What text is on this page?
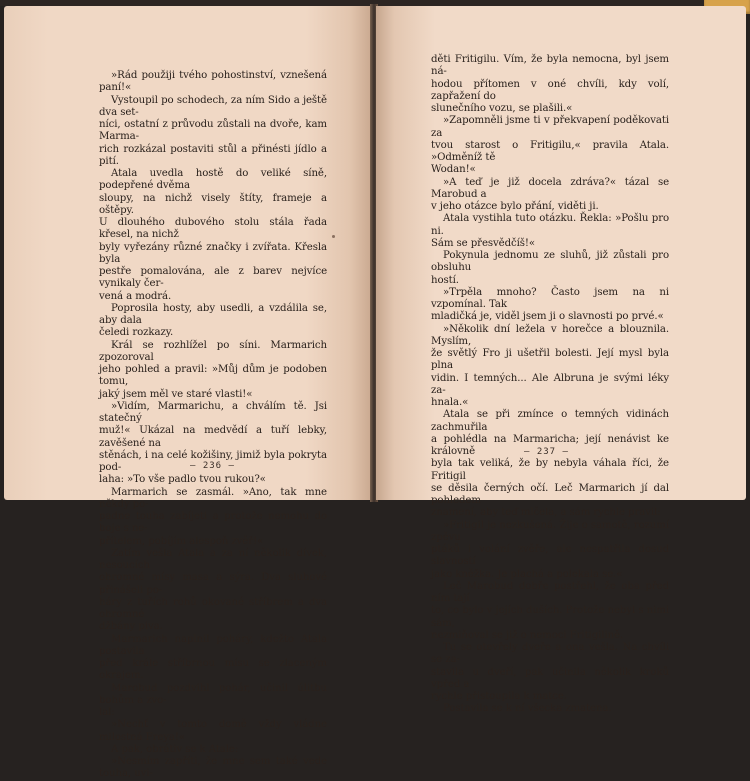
»Rád použiji tvého pohostinství, vznešená paní!«

Vystoupil po schodech, za ním Sido a ještě dva set-

níci, ostatní z průvodu zůstali na dvoře, kam Marma-

rich rozkázal postaviti stůl a přinésti jídlo a pití.

Atala uvedla hostě do veliké síně, podepřené dvěma

sloupy, na nichž visely štíty, frameje a oštěpy.

U dlouhého dubového stolu stála řada křesel, na nichž

byly vyřezány různé značky i zvířata. Křesla byla

pestře pomalována, ale z barev nejvíce vynikaly čer-

vená a modrá.

Poprosila hosty, aby usedli, a vzdálila se, aby dala

čeledi rozkazy.

Král se rozhlížel po síni. Marmarich zpozoroval

jeho pohled a pravil: »Můj dům je podoben tomu,

jaký jsem měl ve staré vlasti!«

»Vidím, Marmarichu, a chválím tě. Jsi statečný

muž!« Ukázal na medvědí a tuří lebky, zavěšené na

stěnách, i na celé kožišiny, jimiž byla pokryta pod-

laha: »To vše padlo tvou rukou?«

Marmarich se zasmál. »Ano, tak mne někdy po-

padne touha zabíjeti a protože nemohu do boje s ne-

přítelem, pobíjím alespoň zvěř!«

Zatím vešla Atala a za ní několik dívek, nesoucích

ohromné mísy masa a sýra. Dva sluhové přinášeli po-

háry z tuřích rohů okované stříbrem a dva ohromné

džbány piva.

Marmarich naplnil poháry, kdežto Atala postavila

před krále stříbrnou mísu se zlaceným okrajem.

Marobud pozdvihl pohár, učinil úlitbu bohům a zvo-

lal:

»Nechť v tomto domě vždy vládne milostná Freya!«

A pak, obrátiv se k Atale:

»Nesmím zapříti, že mne sem také vede touha, uvi-

— 236 —

děti Fritigilu. Vím, že byla nemocna, byl jsem ná-

hodou přítomen v oné chvíli, kdy volí, zapřažení do

slunečního vozu, se plašili.«

»Zapomněli jsme ti v překvapení poděkovati za

tvou starost o Fritigilu,« pravila Atala. »Odměníž tě

Wodan!«

»A teď je již docela zdráva?« tázal se Marobud a

v jeho otázce bylo přání, viděti ji.

Atala vystihla tuto otázku. Řekla: »Pošlu pro ni.

Sám se přesvědčíš!«

Pokynula jednomu ze sluhů, již zůstali pro obsluhu

hostí.

»Trpěla mnoho? Často jsem na ni vzpomínal. Tak

mladičká je, viděl jsem ji o slavnosti po prvé.«

»Několik dní ležela v horečce a blouznila. Myslím,

že světlý Fro ji ušetřil bolesti. Její mysl byla plna

vidin. I temných... Ale Albruna je svými léky za-

hnala.«

Atala se při zmínce o temných vidinách zachmuřila

a pohlédla na Marmaricha; její nenávist ke královně

byla tak veliká, že by nebyla váhala říci, že Fritigil

se děsila černých očí. Leč Marmarich jí dal pohledem

znamení, aby teď mlčela, a sám rychle pravil:

»Fritigil je nezkušená. Žije o samotě, rozumí zpěvu

ptáků i volání zvěře, ale nespatřila dosud slavností

jako kněžka. Je plachá a polekala se.«

Leč Marobud dobře postřehl, že oba před ním tají

to, co bylo v jejích duších. Protože nebyl s nimi sám,

nezmiňoval se již o nemoci Fritigilině.

Tu se otevřely dveře a ona vešla. Na chvíli se za-

stavila u dveří, pak učinila několik kroků vpřed a

rychle přistoupila k matce.

Postavila se k ní všecka zmatena.

— 237 —
